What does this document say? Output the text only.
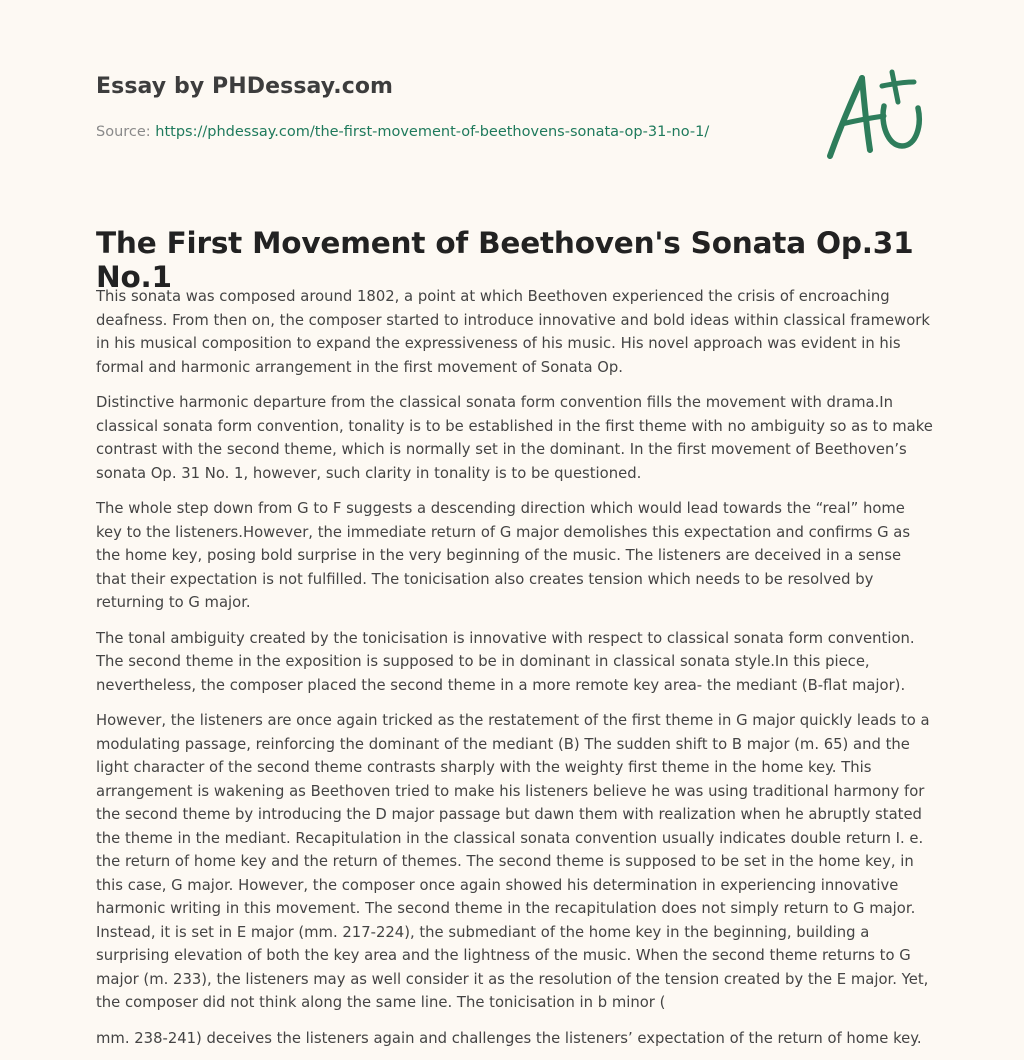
Essay by PHDessay.com
Source: https://phdessay.com/the-first-movement-of-beethovens-sonata-op-31-no-1/
The First Movement of Beethoven's Sonata Op.31 No.1

This sonata was composed around 1802, a point at which Beethoven experienced the crisis of encroaching deafness. From then on, the composer started to introduce innovative and bold ideas within classical framework in his musical composition to expand the expressiveness of his music. His novel approach was evident in his formal and harmonic arrangement in the first movement of Sonata Op.

Distinctive harmonic departure from the classical sonata form convention fills the movement with drama.In classical sonata form convention, tonality is to be established in the first theme with no ambiguity so as to make contrast with the second theme, which is normally set in the dominant. In the first movement of Beethoven’s sonata Op. 31 No. 1, however, such clarity in tonality is to be questioned.

The whole step down from G to F suggests a descending direction which would lead towards the “real” home key to the listeners.However, the immediate return of G major demolishes this expectation and confirms G as the home key, posing bold surprise in the very beginning of the music. The listeners are deceived in a sense that their expectation is not fulfilled. The tonicisation also creates tension which needs to be resolved by returning to G major.

The tonal ambiguity created by the tonicisation is innovative with respect to classical sonata form convention. The second theme in the exposition is supposed to be in dominant in classical sonata style.In this piece, nevertheless, the composer placed the second theme in a more remote key area- the mediant (B-flat major).

However, the listeners are once again tricked as the restatement of the first theme in G major quickly leads to a modulating passage, reinforcing the dominant of the mediant (B) The sudden shift to B major (m. 65) and the light character of the second theme contrasts sharply with the weighty first theme in the home key. This arrangement is wakening as Beethoven tried to make his listeners believe he was using traditional harmony for the second theme by introducing the D major passage but dawn them with realization when he abruptly stated the theme in the mediant. Recapitulation in the classical sonata convention usually indicates double return I. e. the return of home key and the return of themes. The second theme is supposed to be set in the home key, in this case, G major. However, the composer once again showed his determination in experiencing innovative harmonic writing in this movement. The second theme in the recapitulation does not simply return to G major. Instead, it is set in E major (mm. 217-224), the submediant of the home key in the beginning, building a surprising elevation of both the key area and the lightness of the music. When the second theme returns to G major (m. 233), the listeners may as well consider it as the resolution of the tension created by the E major. Yet, the composer did not think along the same line. The tonicisation in b minor (

mm. 238-241) deceives the listeners again and challenges the listeners’ expectation of the return of home key.
